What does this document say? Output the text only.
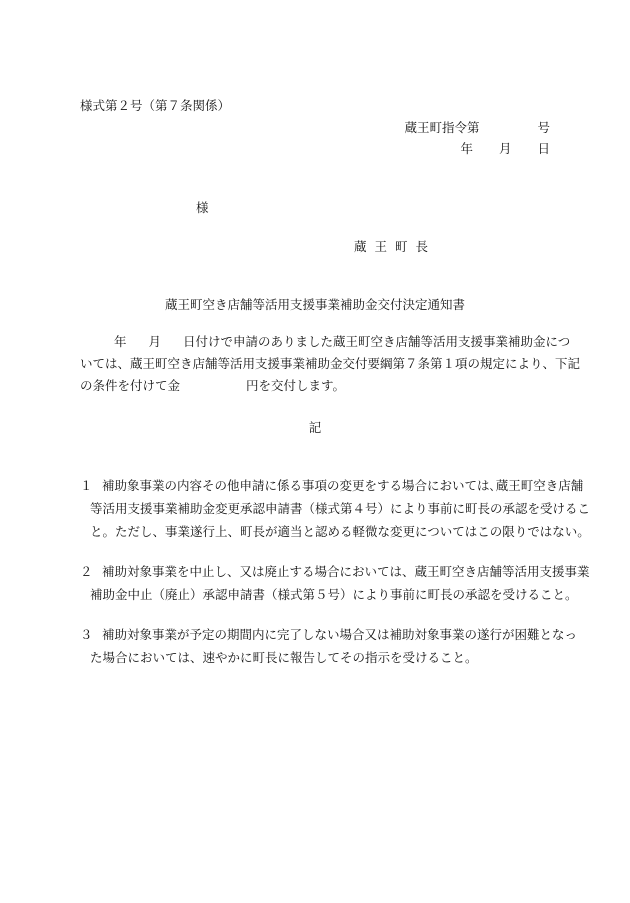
様式第２号（第７条関係）
蔵王町指令第	号
年 月 日
様
蔵王町長
蔵王町空き店舗等活用支援事業補助金交付決定通知書

年 月 日付けで申請のありました蔵王町空き店舗等活用支援事業補助金につ

いては、蔵王町空き店舗等活用支援事業補助金交付要綱第７条第１項の規定により、下記

の条件を付けて金	円を交付します。

記
１ 補助象事業の内容その他申請に係る事項の変更をする場合においては､蔵王町空き店舗

等活用支援事業補助金変更承認申請書（様式第４号）により事前に町長の承認を受けるこ

と。ただし、事業遂行上、町長が適当と認める軽微な変更についてはこの限りではない。

２ 補助対象事業を中止し、又は廃止する場合においては、蔵王町空き店舗等活用支援事業

補助金中止（廃止）承認申請書（様式第５号）により事前に町長の承認を受けること。

３ 補助対象事業が予定の期間内に完了しない場合又は補助対象事業の遂行が困難となっ

た場合においては、速やかに町長に報告してその指示を受けること。
